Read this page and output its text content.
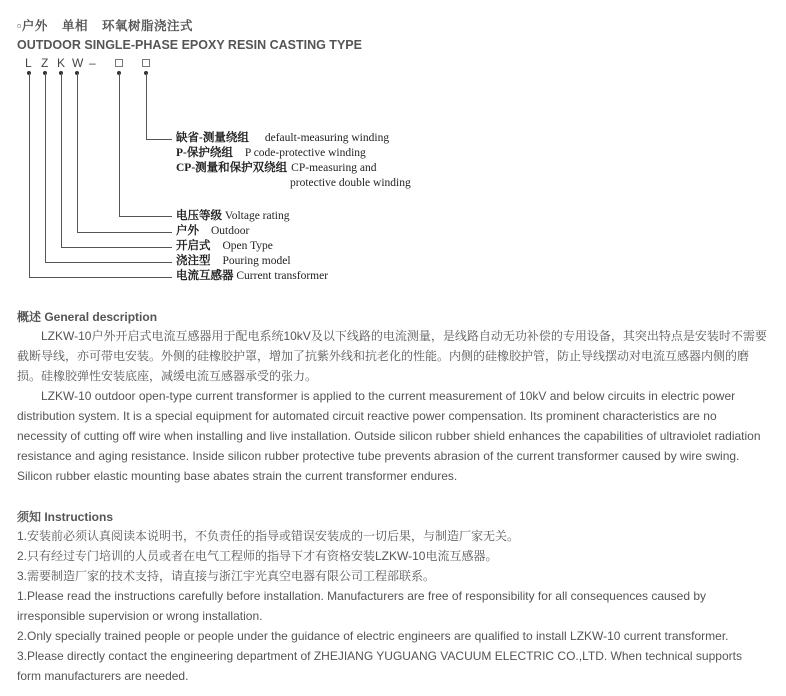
▫户外 单相 环氧树脂浇注式
OUTDOOR SINGLE-PHASE EPOXY RESIN CASTING TYPE
L Z K W –
缺省-测量绕组 default-measuring winding
P-保护绕组 P code-protective winding
CP-测量和保护双绕组 CP-measuring and
protective double winding
电压等级 Voltage rating
户外 Outdoor
开启式 Open Type
浇注型 Pouring model
电流互感器 Current transformer
概述 General description

LZKW-10户外开启式电流互感器用于配电系统10kV及以下线路的电流测量，是线路自动无功补偿的专用设备，其突出特点是安装时不需要截断导线，亦可带电安装。外侧的硅橡胶护罩，增加了抗紫外线和抗老化的性能。内侧的硅橡胶护管，防止导线摆动对电流互感器内侧的磨损。硅橡胶弹性安装底座，减缓电流互感器承受的张力。

LZKW-10 outdoor open-type current transformer is applied to the current measurement of 10kV and below circuits in electric power distribution system. It is a special equipment for automated circuit reactive power compensation. Its prominent characteristics are no necessity of cutting off wire when installing and live installation. Outside silicon rubber shield enhances the capabilities of ultraviolet radiation resistance and aging resistance. Inside silicon rubber protective tube prevents abrasion of the current transformer caused by wire swing. Silicon rubber elastic mounting base abates strain the current transformer endures.

须知 Instructions

1.安装前必须认真阅读本说明书，不负责任的指导或错误安装成的一切后果，与制造厂家无关。

2.只有经过专门培训的人员或者在电气工程师的指导下才有资格安装LZKW-10电流互感器。

3.需要制造厂家的技术支持，请直接与浙江宇光真空电器有限公司工程部联系。

1.Please read the instructions carefully before installation. Manufacturers are free of responsibility for all consequences caused by irresponsible supervision or wrong installation.

2.Only specially trained people or people under the guidance of electric engineers are qualified to install LZKW-10 current transformer.

3.Please directly contact the engineering department of ZHEJIANG YUGUANG VACUUM ELECTRIC CO.,LTD. When technical supports form manufacturers are needed.
